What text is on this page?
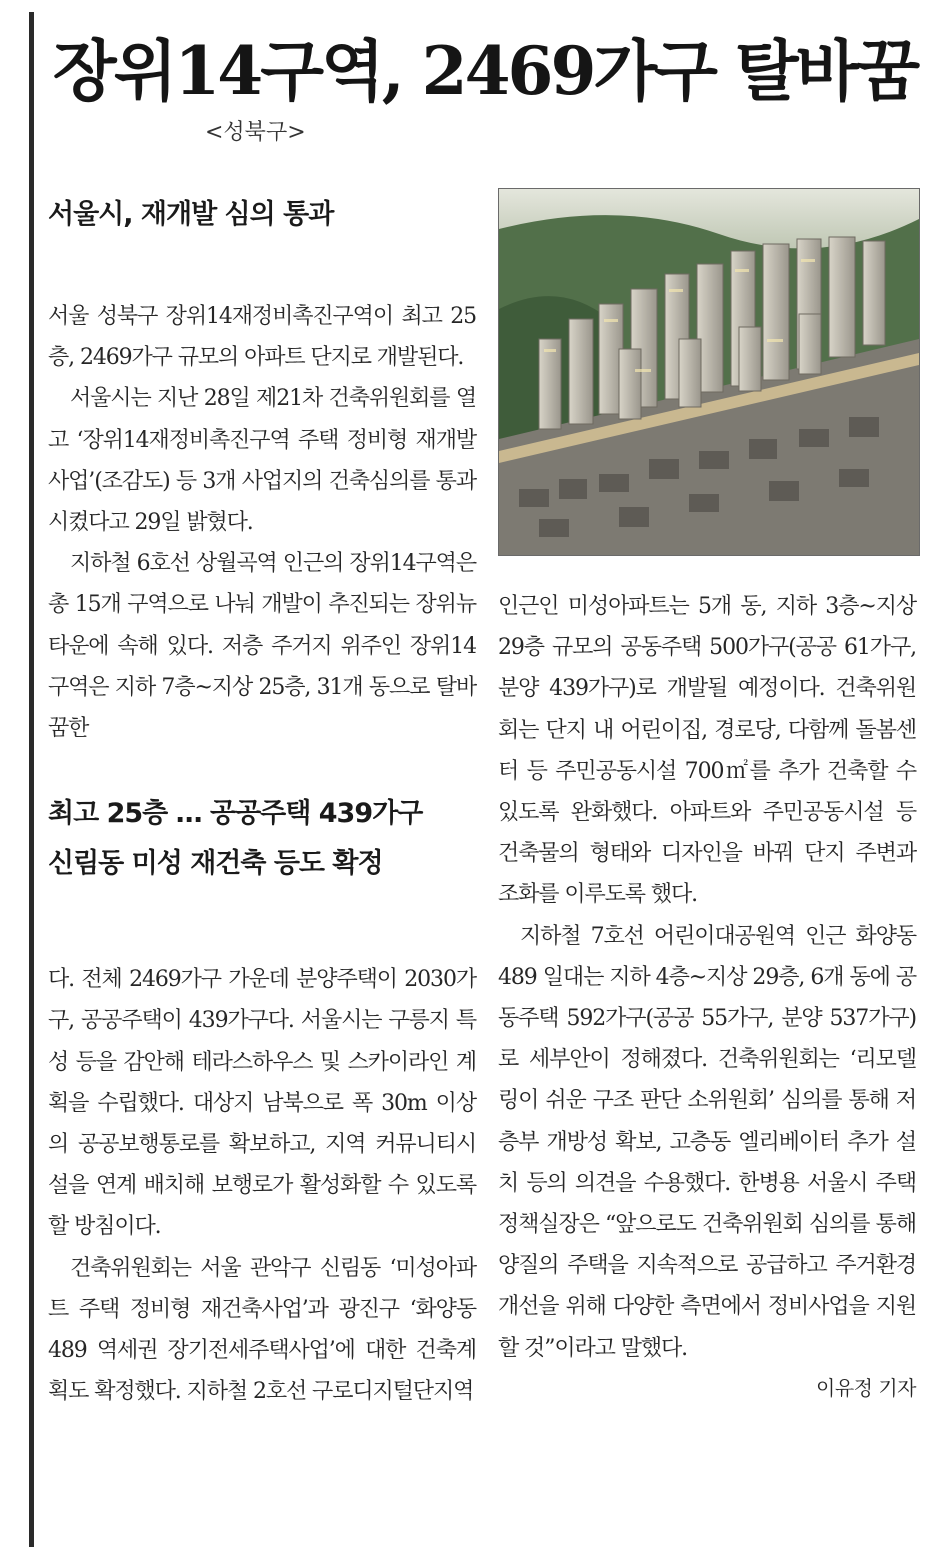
장위14구역, 2469가구 탈바꿈

<성북구>

서울시, 재개발 심의 통과

서울 성북구 장위14재정비촉진구역이 최고 25층, 2469가구 규모의 아파트 단지로 개발된다.

서울시는 지난 28일 제21차 건축위원회를 열고 ‘장위14재정비촉진구역 주택 정비형 재개발사업’(조감도) 등 3개 사업지의 건축심의를 통과시켰다고 29일 밝혔다.

지하철 6호선 상월곡역 인근의 장위14구역은 총 15개 구역으로 나눠 개발이 추진되는 장위뉴타운에 속해 있다. 저층 주거지 위주인 장위14구역은 지하 7층~지상 25층, 31개 동으로 탈바꿈한

최고 25층 … 공공주택 439가구
신림동 미성 재건축 등도 확정

다. 전체 2469가구 가운데 분양주택이 2030가구, 공공주택이 439가구다. 서울시는 구릉지 특성 등을 감안해 테라스하우스 및 스카이라인 계획을 수립했다. 대상지 남북으로 폭 30m 이상의 공공보행통로를 확보하고, 지역 커뮤니티시설을 연계 배치해 보행로가 활성화할 수 있도록 할 방침이다.

건축위원회는 서울 관악구 신림동 ‘미성아파트 주택 정비형 재건축사업’과 광진구 ‘화양동 489 역세권 장기전세주택사업’에 대한 건축계획도 확정했다. 지하철 2호선 구로디지털단지역

인근인 미성아파트는 5개 동, 지하 3층~지상 29층 규모의 공동주택 500가구(공공 61가구, 분양 439가구)로 개발될 예정이다. 건축위원회는 단지 내 어린이집, 경로당, 다함께 돌봄센터 등 주민공동시설 700㎡를 추가 건축할 수 있도록 완화했다. 아파트와 주민공동시설 등 건축물의 형태와 디자인을 바꿔 단지 주변과 조화를 이루도록 했다.

지하철 7호선 어린이대공원역 인근 화양동 489 일대는 지하 4층~지상 29층, 6개 동에 공동주택 592가구(공공 55가구, 분양 537가구)로 세부안이 정해졌다. 건축위원회는 ‘리모델링이 쉬운 구조 판단 소위원회’ 심의를 통해 저층부 개방성 확보, 고층동 엘리베이터 추가 설치 등의 의견을 수용했다. 한병용 서울시 주택정책실장은 “앞으로도 건축위원회 심의를 통해 양질의 주택을 지속적으로 공급하고 주거환경 개선을 위해 다양한 측면에서 정비사업을 지원할 것”이라고 말했다.

이유정 기자
